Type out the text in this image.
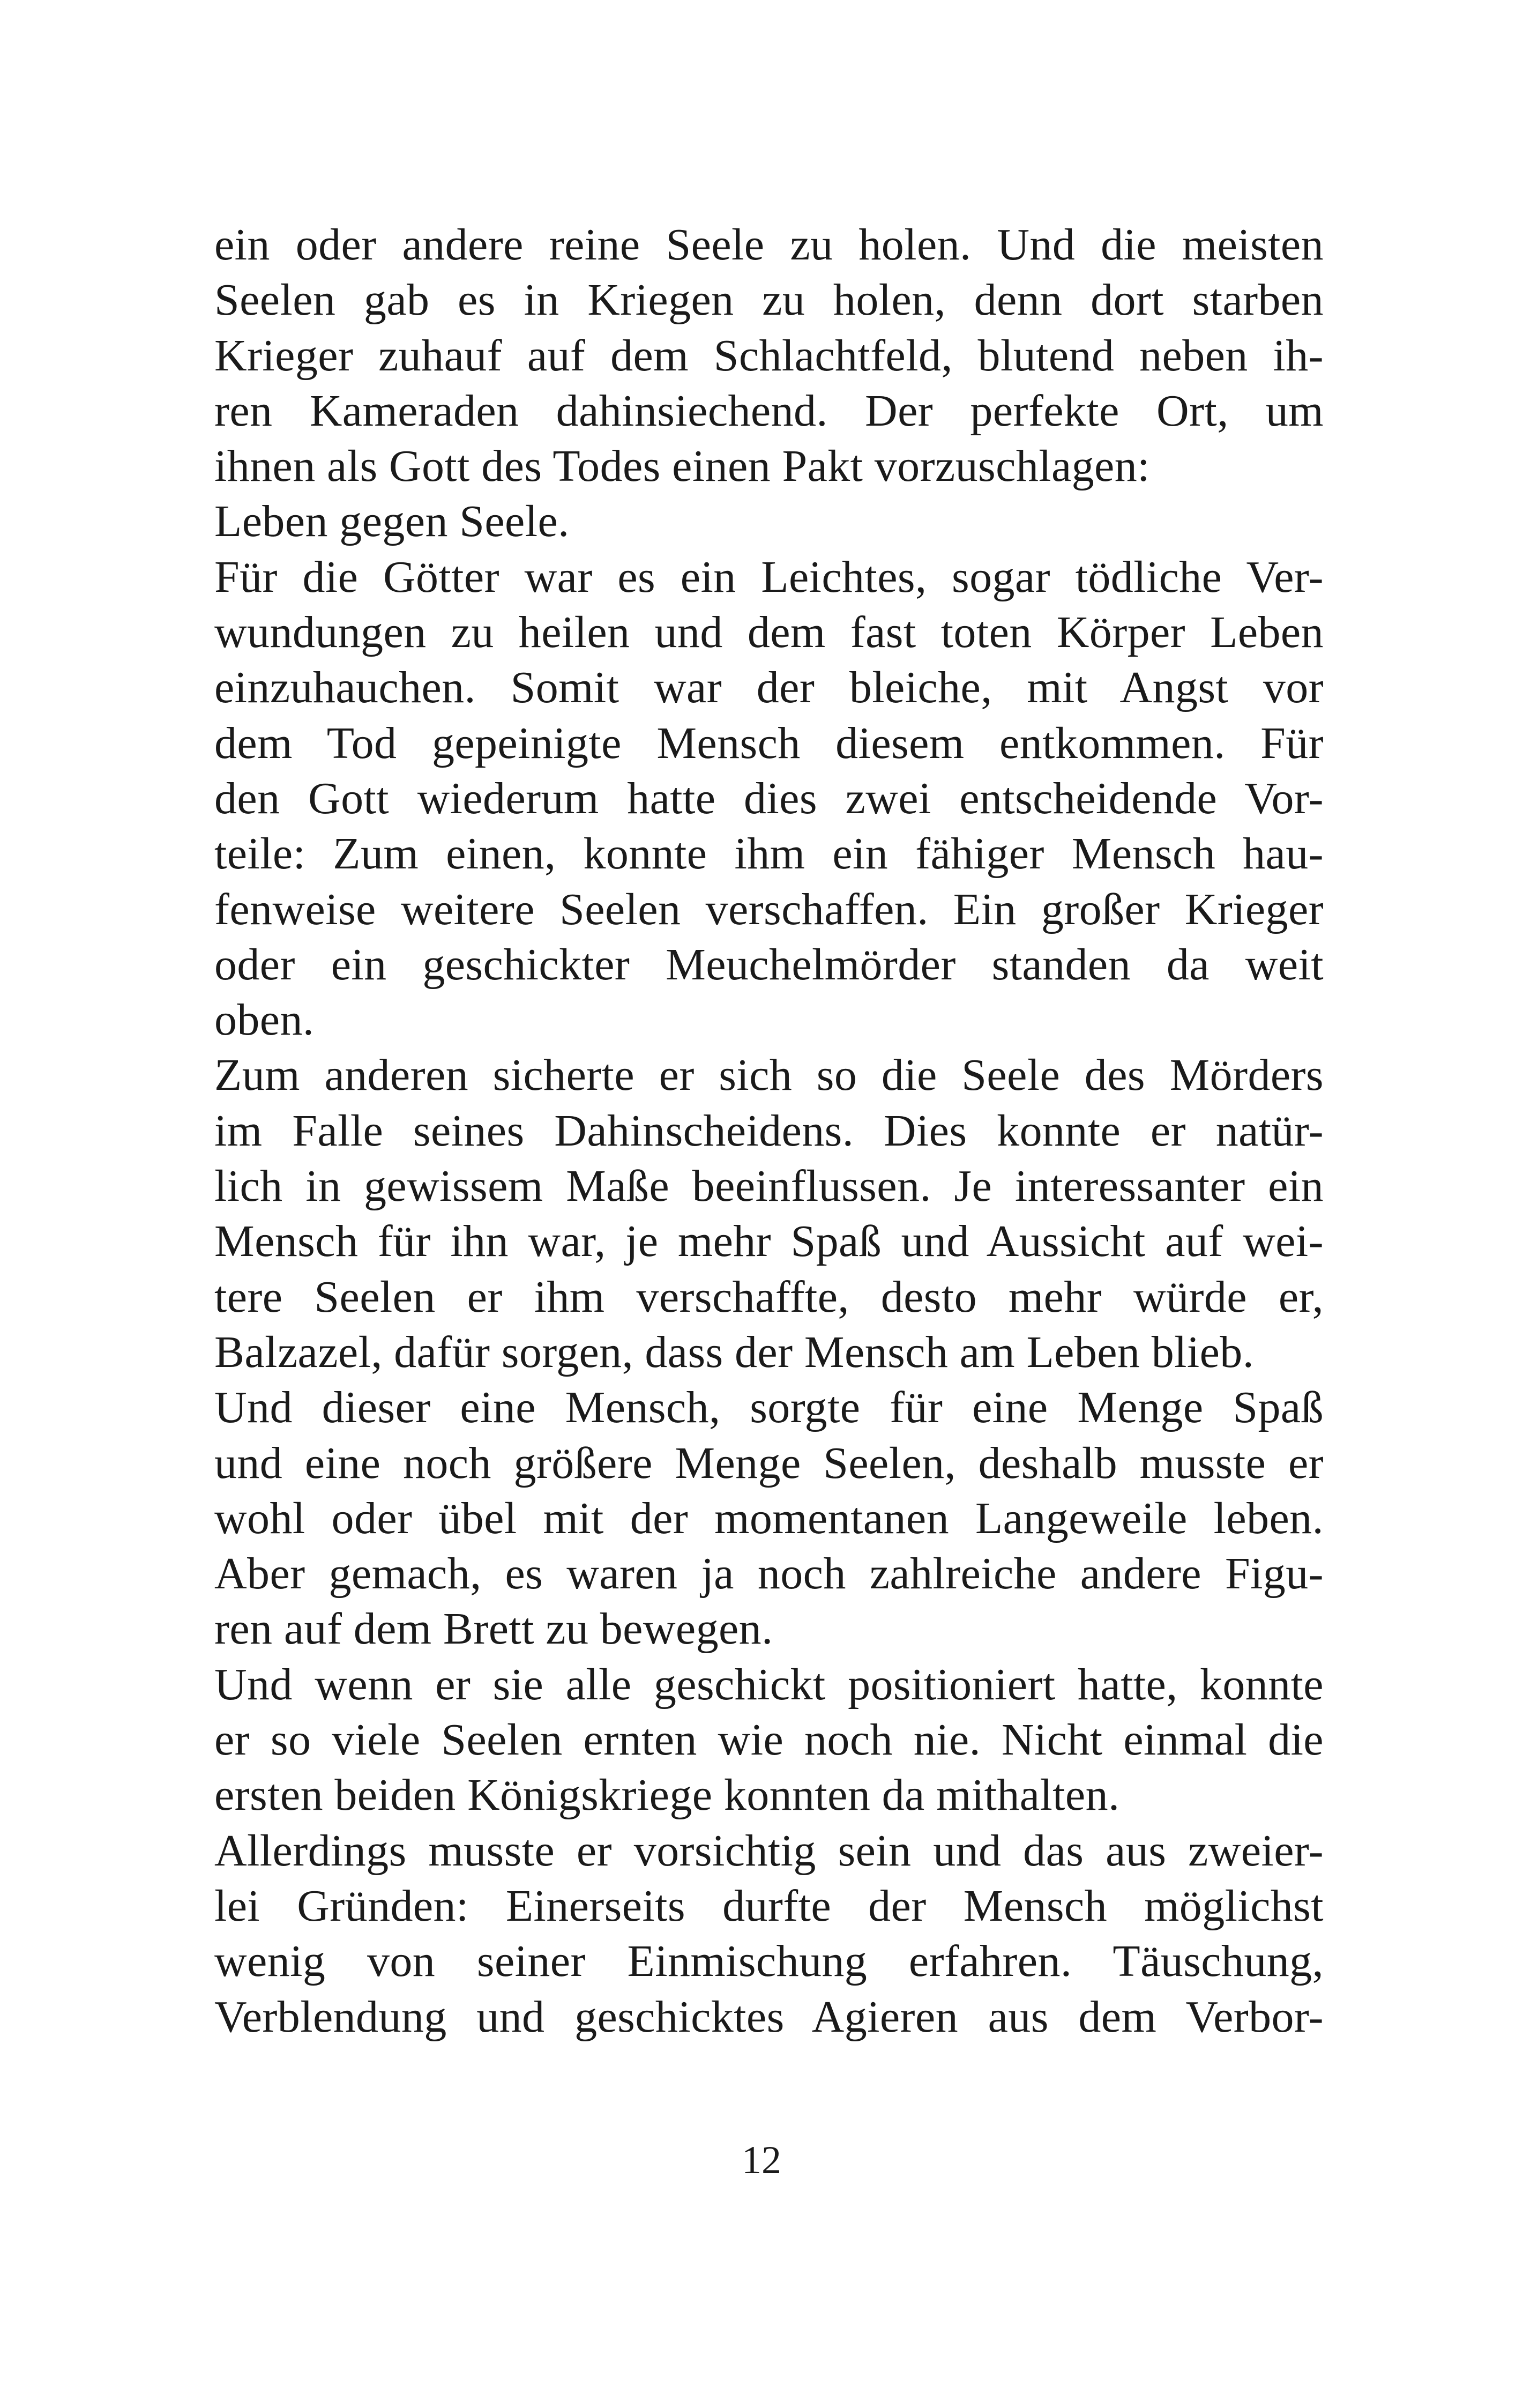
ein oder andere reine Seele zu holen. Und die meisten
Seelen gab es in Kriegen zu holen, denn dort starben
Krieger zuhauf auf dem Schlachtfeld, blutend neben ih-
ren Kameraden dahinsiechend. Der perfekte Ort, um
ihnen als Gott des Todes einen Pakt vorzuschlagen:
Leben gegen Seele.
Für die Götter war es ein Leichtes, sogar tödliche Ver-
wundungen zu heilen und dem fast toten Körper Leben
einzuhauchen. Somit war der bleiche, mit Angst vor
dem Tod gepeinigte Mensch diesem entkommen. Für
den Gott wiederum hatte dies zwei entscheidende Vor-
teile: Zum einen, konnte ihm ein fähiger Mensch hau-
fenweise weitere Seelen verschaffen. Ein großer Krieger
oder ein geschickter Meuchelmörder standen da weit
oben.
Zum anderen sicherte er sich so die Seele des Mörders
im Falle seines Dahinscheidens. Dies konnte er natür-
lich in gewissem Maße beeinflussen. Je interessanter ein
Mensch für ihn war, je mehr Spaß und Aussicht auf wei-
tere Seelen er ihm verschaffte, desto mehr würde er,
Balzazel, dafür sorgen, dass der Mensch am Leben blieb.
Und dieser eine Mensch, sorgte für eine Menge Spaß
und eine noch größere Menge Seelen, deshalb musste er
wohl oder übel mit der momentanen Langeweile leben.
Aber gemach, es waren ja noch zahlreiche andere Figu-
ren auf dem Brett zu bewegen.
Und wenn er sie alle geschickt positioniert hatte, konnte
er so viele Seelen ernten wie noch nie. Nicht einmal die
ersten beiden Königskriege konnten da mithalten.
Allerdings musste er vorsichtig sein und das aus zweier-
lei Gründen: Einerseits durfte der Mensch möglichst
wenig von seiner Einmischung erfahren. Täuschung,
Verblendung und geschicktes Agieren aus dem Verbor-
12
